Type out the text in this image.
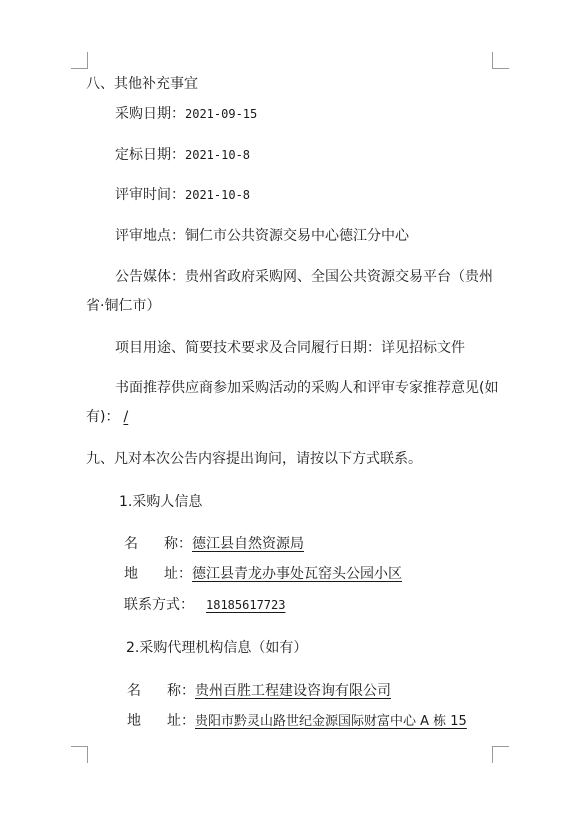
八、其他补充事宜
采购日期：2021-09-15
定标日期：2021-10-8
评审时间：2021-10-8
评审地点：铜仁市公共资源交易中心德江分中心
公告媒体：贵州省政府采购网、全国公共资源交易平台（贵州
省·铜仁市）
项目用途、简要技术要求及合同履行日期：详见招标文件
书面推荐供应商参加采购活动的采购人和评审专家推荐意见(如
有)： /
九、凡对本次公告内容提出询问，请按以下方式联系。
1.采购人信息
名 称：德江县自然资源局
地 址：德江县青龙办事处瓦窑头公园小区
联系方式： 18185617723
2.采购代理机构信息（如有）
名 称：贵州百胜工程建设咨询有限公司
地 址：贵阳市黔灵山路世纪金源国际财富中心 A 栋 15
